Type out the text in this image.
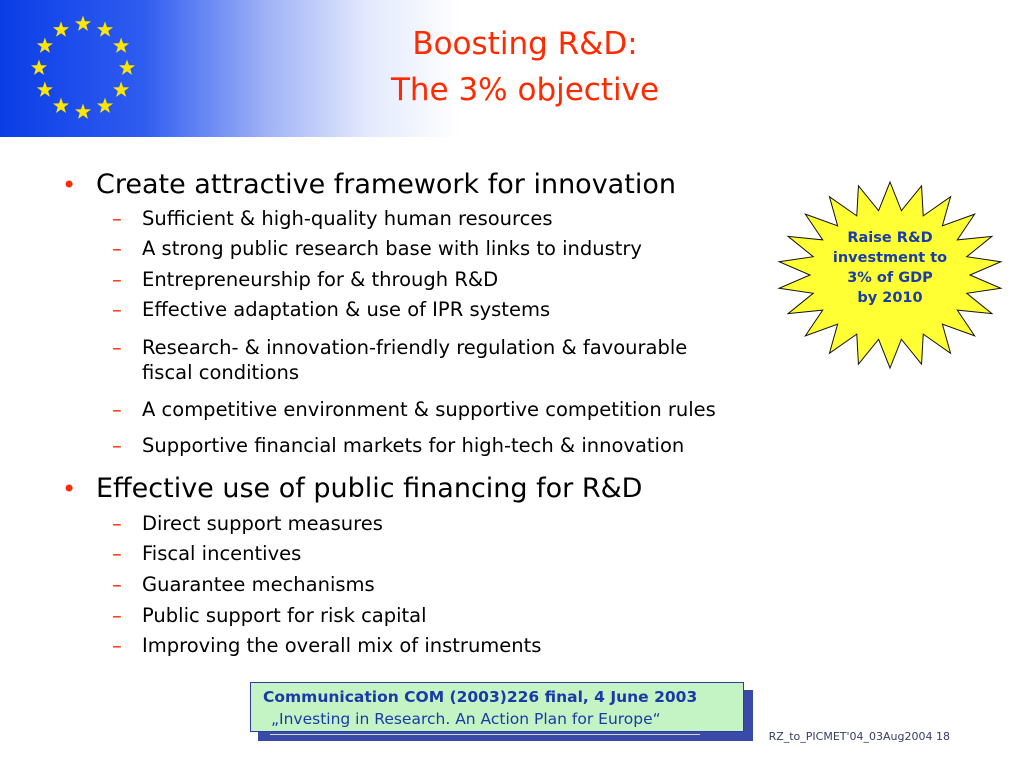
Boosting R&D:
The 3% objective
• Create attractive framework for innovation
– Sufficient & high-quality human resources
– A strong public research base with links to industry
– Entrepreneurship for & through R&D
– Effective adaptation & use of IPR systems
– Research- & innovation-friendly regulation & favourable
fiscal conditions
– A competitive environment & supportive competition rules
– Supportive financial markets for high-tech & innovation
• Effective use of public financing for R&D
– Direct support measures
– Fiscal incentives
– Guarantee mechanisms
– Public support for risk capital
– Improving the overall mix of instruments
Raise R&D
investment to
3% of GDP
by 2010
Communication COM (2003)226 final, 4 June 2003
„Investing in Research. An Action Plan for Europe“
RZ_to_PICMET'04_03Aug2004 18
